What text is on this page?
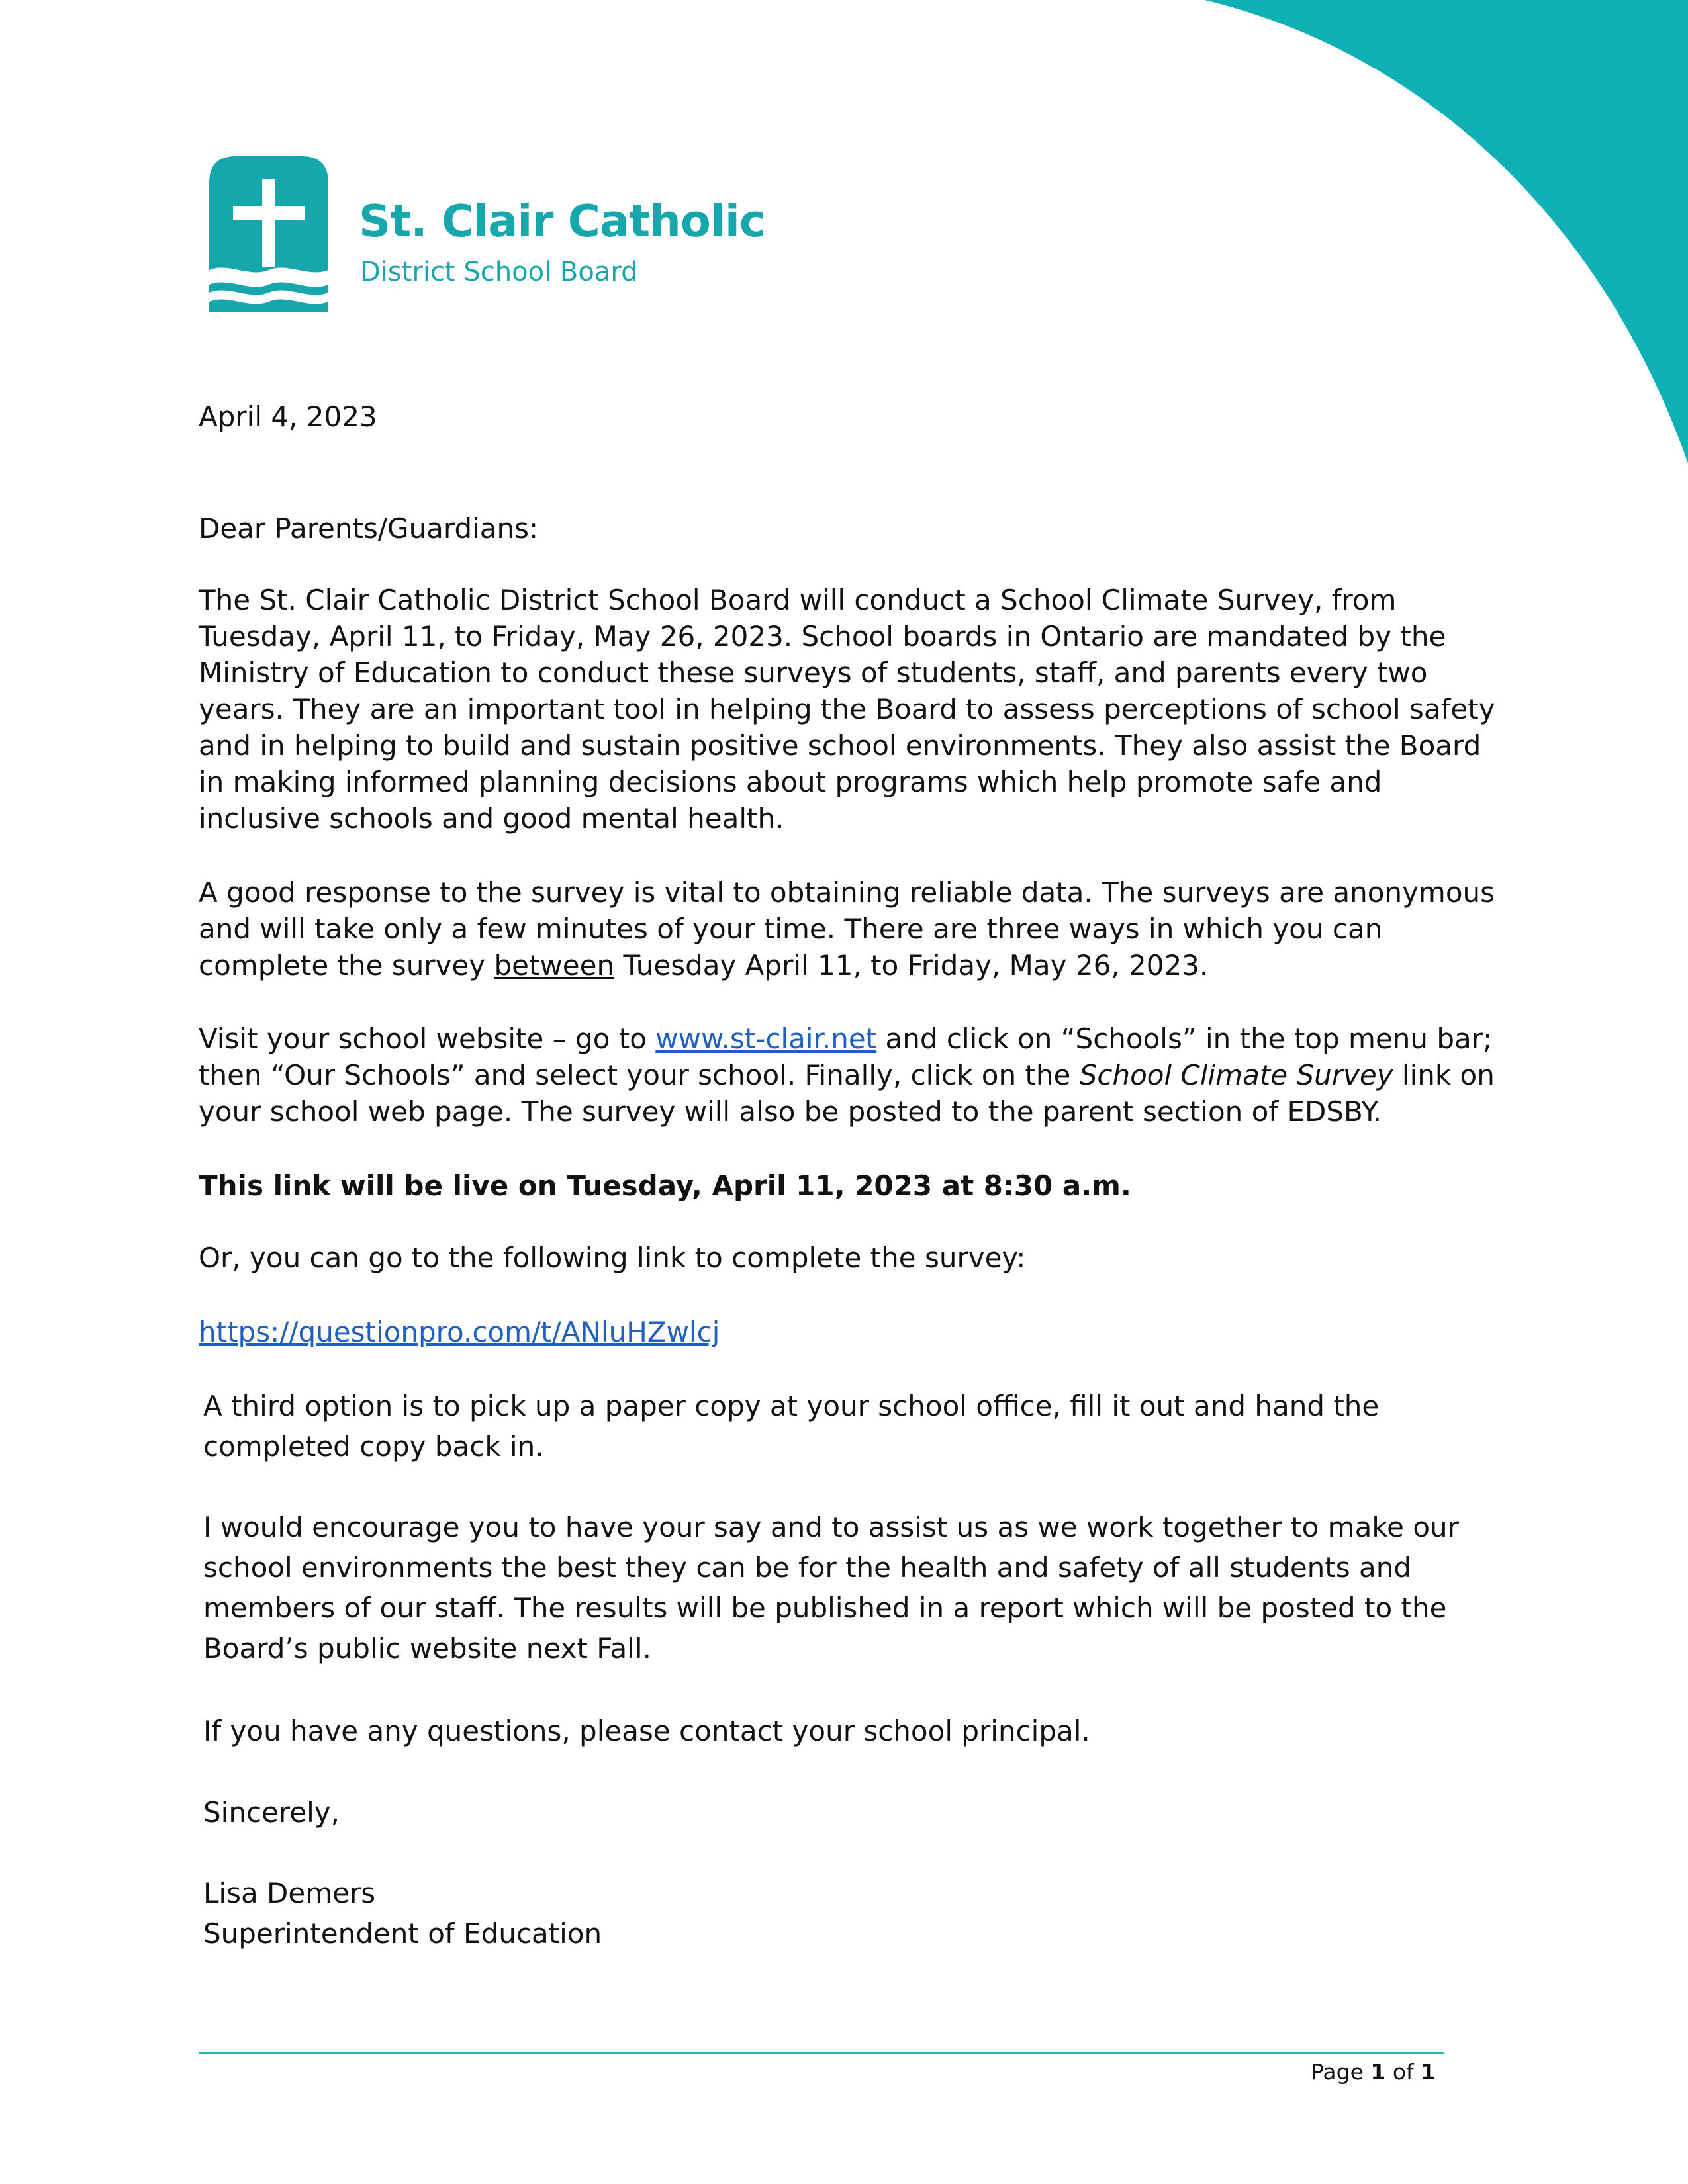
St. Clair Catholic
District School Board

April 4, 2023

Dear Parents/Guardians:

The St. Clair Catholic District School Board will conduct a School Climate Survey, from Tuesday, April 11, to Friday, May 26, 2023. School boards in Ontario are mandated by the Ministry of Education to conduct these surveys of students, staff, and parents every two years. They are an important tool in helping the Board to assess perceptions of school safety and in helping to build and sustain positive school environments. They also assist the Board in making informed planning decisions about programs which help promote safe and inclusive schools and good mental health.

A good response to the survey is vital to obtaining reliable data. The surveys are anonymous and will take only a few minutes of your time. There are three ways in which you can complete the survey between Tuesday April 11, to Friday, May 26, 2023.

Visit your school website – go to www.st-clair.net and click on “Schools” in the top menu bar; then “Our Schools” and select your school. Finally, click on the School Climate Survey link on your school web page. The survey will also be posted to the parent section of EDSBY.

This link will be live on Tuesday, April 11, 2023 at 8:30 a.m.

Or, you can go to the following link to complete the survey:

https://questionpro.com/t/ANluHZwlcj

A third option is to pick up a paper copy at your school office, fill it out and hand the completed copy back in.

I would encourage you to have your say and to assist us as we work together to make our school environments the best they can be for the health and safety of all students and members of our staff. The results will be published in a report which will be posted to the Board’s public website next Fall.

If you have any questions, please contact your school principal.

Sincerely,

Lisa Demers

Superintendent of Education

Page 1 of 1
